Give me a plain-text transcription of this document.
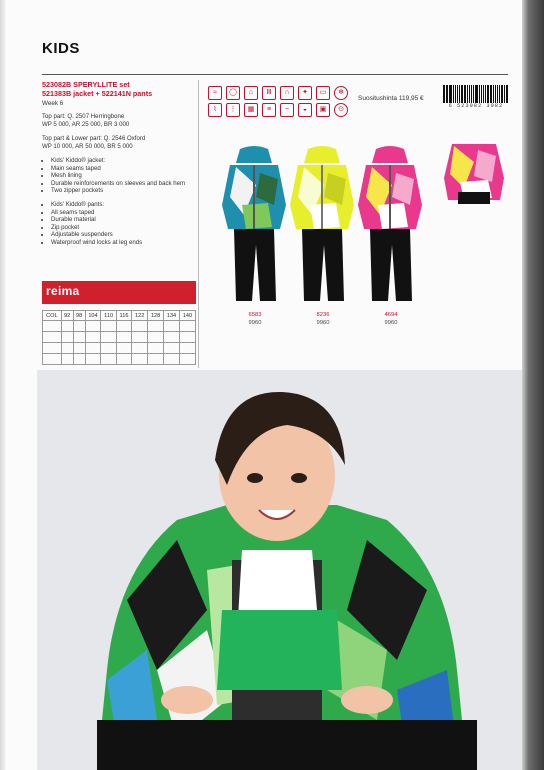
KIDS
523082B SPERYLLITE set
521383B jacket + 522141N pants
Week 6
Top part: Q. 2507 Herringbone
WP 5 000, AR 25 000, BR 3 000
Top part & Lower part: Q. 2546 Oxford
WP 10 000, AR 50 000, BR 5 000
• Kids' Kiddo® jacket:
• Main seams taped
• Mesh lining
• Durable reinforcements on sleeves and back hem
• Two zipper pockets
• Kids' Kiddo® pants:
• All seams taped
• Durable material
• Zip pocket
• Adjustable suspenders
• Waterproof wind locks at leg ends
reima
COL	92	98	104	110	116	122	128	134	140

≈	◯	⌂	Ⅲ	∩	✦	▭	❄
⌇	⋮	▦	≡	~	◒	▣	⊙
Suositushinta 119,95 €
6 523082 3082
6583
9960
8236
9960
4694
9960
